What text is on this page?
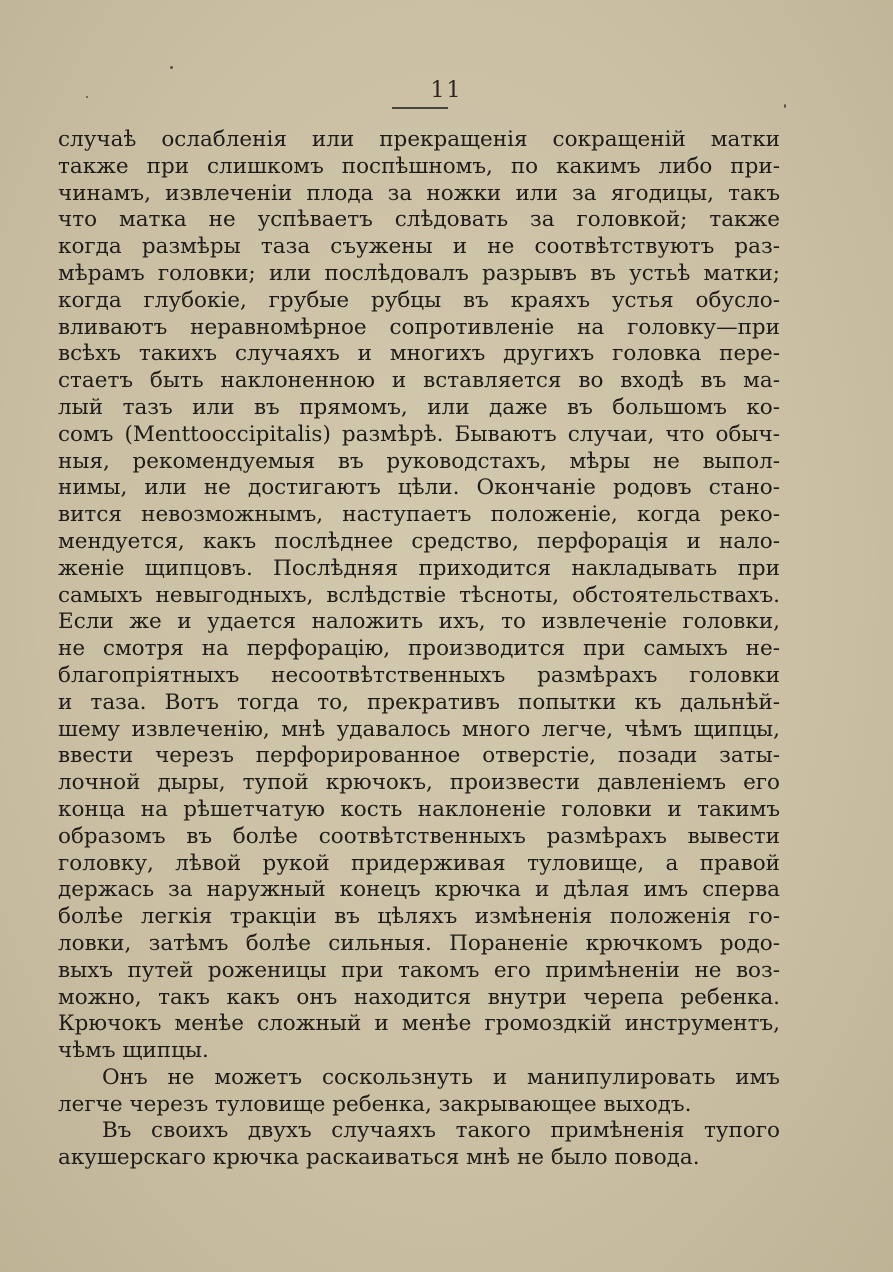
11
случаѣ ослабленія или прекращенія сокращеній матки
также при слишкомъ поспѣшномъ, по какимъ либо при-
чинамъ, извлеченіи плода за ножки или за ягодицы, такъ
что матка не успѣваетъ слѣдовать за головкой; также
когда размѣры таза съужены и не соотвѣтствуютъ раз-
мѣрамъ головки; или послѣдовалъ разрывъ въ устьѣ матки;
когда глубокіе, грубые рубцы въ краяхъ устья обусло-
вливаютъ неравномѣрное сопротивленіе на головку—при
всѣхъ такихъ случаяхъ и многихъ другихъ головка пере-
стаетъ быть наклоненною и вставляется во входѣ въ ма-
лый тазъ или въ прямомъ, или даже въ большомъ ко-
сомъ (Menttooccipitalis) размѣрѣ. Бываютъ случаи, что обыч-
ныя, рекомендуемыя въ руководстахъ, мѣры не выпол-
нимы, или не достигаютъ цѣли. Окончаніе родовъ стано-
вится невозможнымъ, наступаетъ положеніе, когда реко-
мендуется, какъ послѣднее средство, перфорація и нало-
женіе щипцовъ. Послѣдняя приходится накладывать при
самыхъ невыгодныхъ, вслѣдствіе тѣсноты, обстоятельствахъ.
Если же и удается наложить ихъ, то извлеченіе головки,
не смотря на перфорацію, производится при самыхъ не-
благопріятныхъ несоотвѣтственныхъ размѣрахъ головки
и таза. Вотъ тогда то, прекративъ попытки къ дальнѣй-
шему извлеченію, мнѣ удавалось много легче, чѣмъ щипцы,
ввести черезъ перфорированное отверстіе, позади заты-
лочной дыры, тупой крючокъ, произвести давленіемъ его
конца на рѣшетчатую кость наклоненіе головки и такимъ
образомъ въ болѣе соотвѣтственныхъ размѣрахъ вывести
головку, лѣвой рукой придерживая туловище, а правой
держась за наружный конецъ крючка и дѣлая имъ сперва
болѣе легкія тракціи въ цѣляхъ измѣненія положенія го-
ловки, затѣмъ болѣе сильныя. Пораненіе крючкомъ родо-
выхъ путей роженицы при такомъ его примѣненіи не воз-
можно, такъ какъ онъ находится внутри черепа ребенка.
Крючокъ менѣе сложный и менѣе громоздкій инструментъ,
чѣмъ щипцы.
Онъ не можетъ соскользнуть и манипулировать имъ
легче черезъ туловище ребенка, закрывающее выходъ.
Въ своихъ двухъ случаяхъ такого примѣненія тупого
акушерскаго крючка раскаиваться мнѣ не было повода.
